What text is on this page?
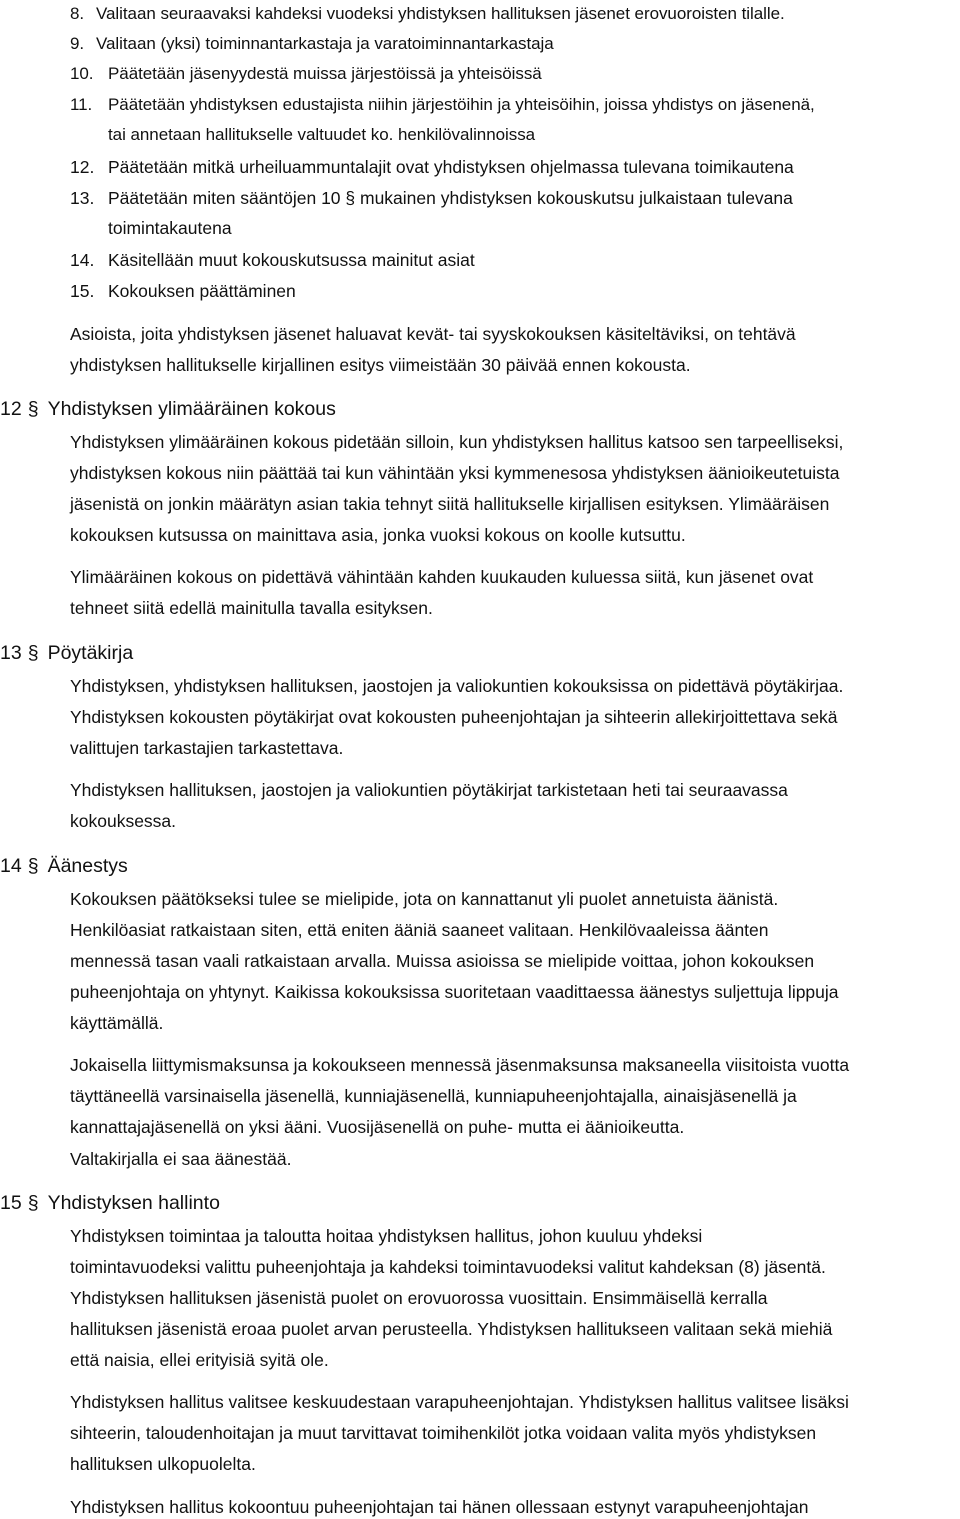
8. Valitaan seuraavaksi kahdeksi vuodeksi yhdistyksen hallituksen jäsenet erovuoroisten tilalle.
9. Valitaan (yksi) toiminnantarkastaja ja varatoiminnantarkastaja
10. Päätetään jäsenyydestä muissa järjestöissä ja yhteisöissä
11. Päätetään yhdistyksen edustajista niihin järjestöihin ja yhteisöihin, joissa yhdistys on jäsenenä,
tai annetaan hallitukselle valtuudet ko. henkilövalinnoissa
12. Päätetään mitkä urheiluammuntalajit ovat yhdistyksen ohjelmassa tulevana toimikautena
13. Päätetään miten sääntöjen 10 § mukainen yhdistyksen kokouskutsu julkaistaan tulevana
toimintakautena
14. Käsitellään muut kokouskutsussa mainitut asiat
15. Kokouksen päättäminen
Asioista, joita yhdistyksen jäsenet haluavat kevät- tai syyskokouksen käsiteltäviksi, on tehtävä
yhdistyksen hallitukselle kirjallinen esitys viimeistään 30 päivää ennen kokousta.
12 § Yhdistyksen ylimääräinen kokous
Yhdistyksen ylimääräinen kokous pidetään silloin, kun yhdistyksen hallitus katsoo sen tarpeelliseksi,
yhdistyksen kokous niin päättää tai kun vähintään yksi kymmenesosa yhdistyksen äänioikeutetuista
jäsenistä on jonkin määrätyn asian takia tehnyt siitä hallitukselle kirjallisen esityksen. Ylimääräisen
kokouksen kutsussa on mainittava asia, jonka vuoksi kokous on koolle kutsuttu.
Ylimääräinen kokous on pidettävä vähintään kahden kuukauden kuluessa siitä, kun jäsenet ovat
tehneet siitä edellä mainitulla tavalla esityksen.
13 § Pöytäkirja
Yhdistyksen, yhdistyksen hallituksen, jaostojen ja valiokuntien kokouksissa on pidettävä pöytäkirjaa.
Yhdistyksen kokousten pöytäkirjat ovat kokousten puheenjohtajan ja sihteerin allekirjoittettava sekä
valittujen tarkastajien tarkastettava.
Yhdistyksen hallituksen, jaostojen ja valiokuntien pöytäkirjat tarkistetaan heti tai seuraavassa
kokouksessa.
14 § Äänestys
Kokouksen päätökseksi tulee se mielipide, jota on kannattanut yli puolet annetuista äänistä.
Henkilöasiat ratkaistaan siten, että eniten ääniä saaneet valitaan. Henkilövaaleissa äänten
mennessä tasan vaali ratkaistaan arvalla. Muissa asioissa se mielipide voittaa, johon kokouksen
puheenjohtaja on yhtynyt. Kaikissa kokouksissa suoritetaan vaadittaessa äänestys suljettuja lippuja
käyttämällä.
Jokaisella liittymismaksunsa ja kokoukseen mennessä jäsenmaksunsa maksaneella viisitoista vuotta
täyttäneellä varsinaisella jäsenellä, kunniajäsenellä, kunniapuheenjohtajalla, ainaisjäsenellä ja
kannattajajäsenellä on yksi ääni. Vuosijäsenellä on puhe- mutta ei äänioikeutta.
Valtakirjalla ei saa äänestää.
15 § Yhdistyksen hallinto
Yhdistyksen toimintaa ja taloutta hoitaa yhdistyksen hallitus, johon kuuluu yhdeksi
toimintavuodeksi valittu puheenjohtaja ja kahdeksi toimintavuodeksi valitut kahdeksan (8) jäsentä.
Yhdistyksen hallituksen jäsenistä puolet on erovuorossa vuosittain. Ensimmäisellä kerralla
hallituksen jäsenistä eroaa puolet arvan perusteella. Yhdistyksen hallitukseen valitaan sekä miehiä
että naisia, ellei erityisiä syitä ole.
Yhdistyksen hallitus valitsee keskuudestaan varapuheenjohtajan. Yhdistyksen hallitus valitsee lisäksi
sihteerin, taloudenhoitajan ja muut tarvittavat toimihenkilöt jotka voidaan valita myös yhdistyksen
hallituksen ulkopuolelta.
Yhdistyksen hallitus kokoontuu puheenjohtajan tai hänen ollessaan estynyt varapuheenjohtajan
